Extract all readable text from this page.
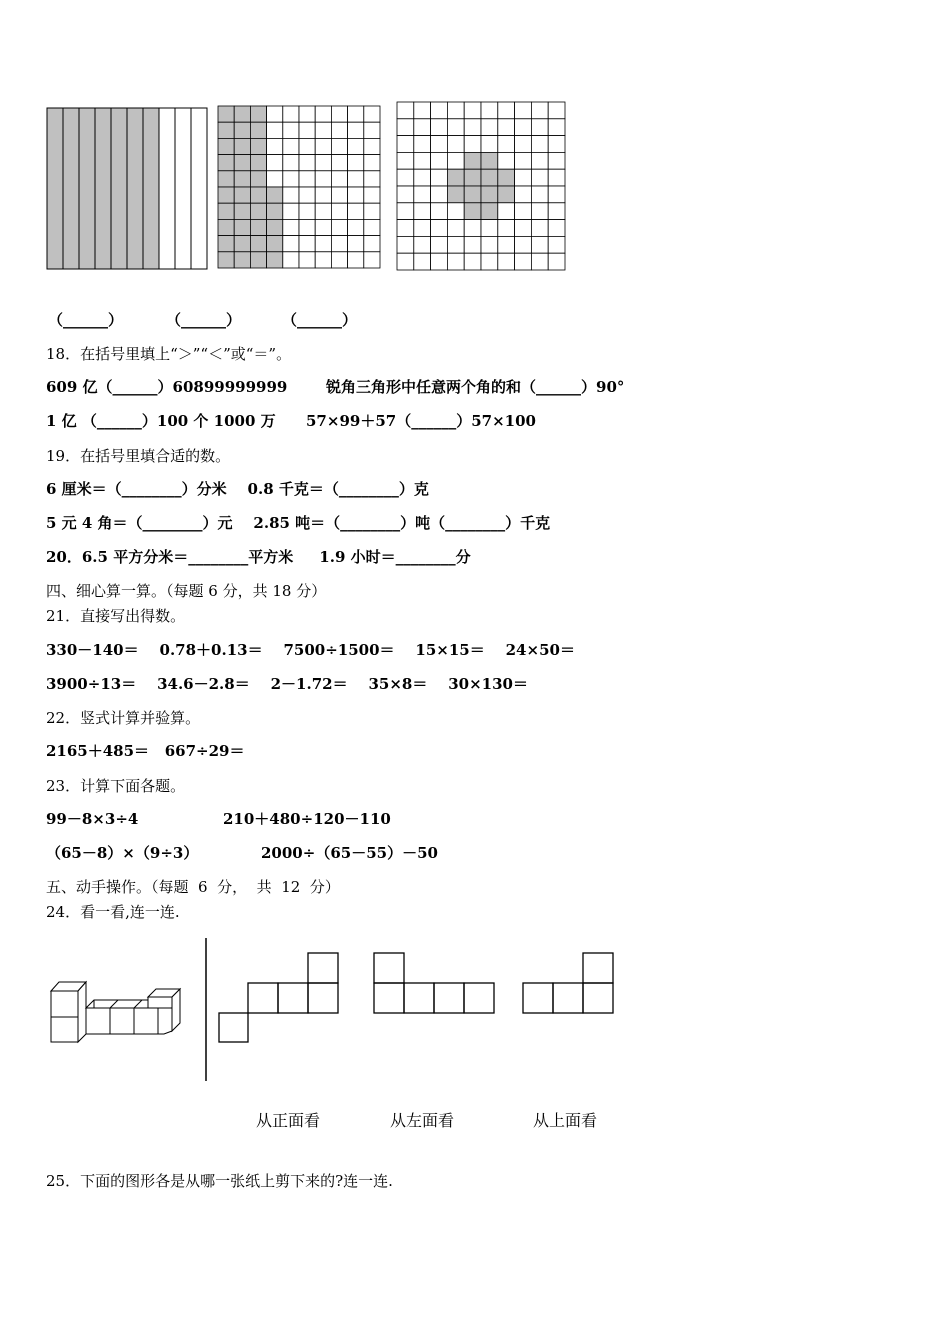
（______）	（______）	（______）
18．在括号里填上“＞”“＜”或“＝”。
609 亿（______）60899999999	锐角三角形中任意两个角的和（______）90°
1 亿 （______）100 个 1000 万 57×99＋57（______）57×100
19．在括号里填合适的数。
6 厘米＝（________）分米    0.8 千克＝（________）克
5 元 4 角＝（________）元    2.85 吨＝（________）吨（________）千克
20．6.5 平方分米＝________平方米     1.9 小时＝________分
四、细心算一算。（每题 6 分，共 18 分）
21．直接写出得数。
330－140＝    0.78＋0.13＝    7500÷1500＝    15×15＝    24×50＝
3900÷13＝    34.6－2.8＝    2－1.72＝    35×8＝    30×130＝
22．竖式计算并验算。
2165＋485＝   667÷29＝
23．计算下面各题。
99－8×3÷4	210＋480÷120－110
（65－8）×（9÷3）	2000÷（65－55）－50
五、动手操作。（每题  6  分，  共  12  分）
24．看一看,连一连.
从正面看	从左面看	从上面看
25．下面的图形各是从哪一张纸上剪下来的?连一连.
